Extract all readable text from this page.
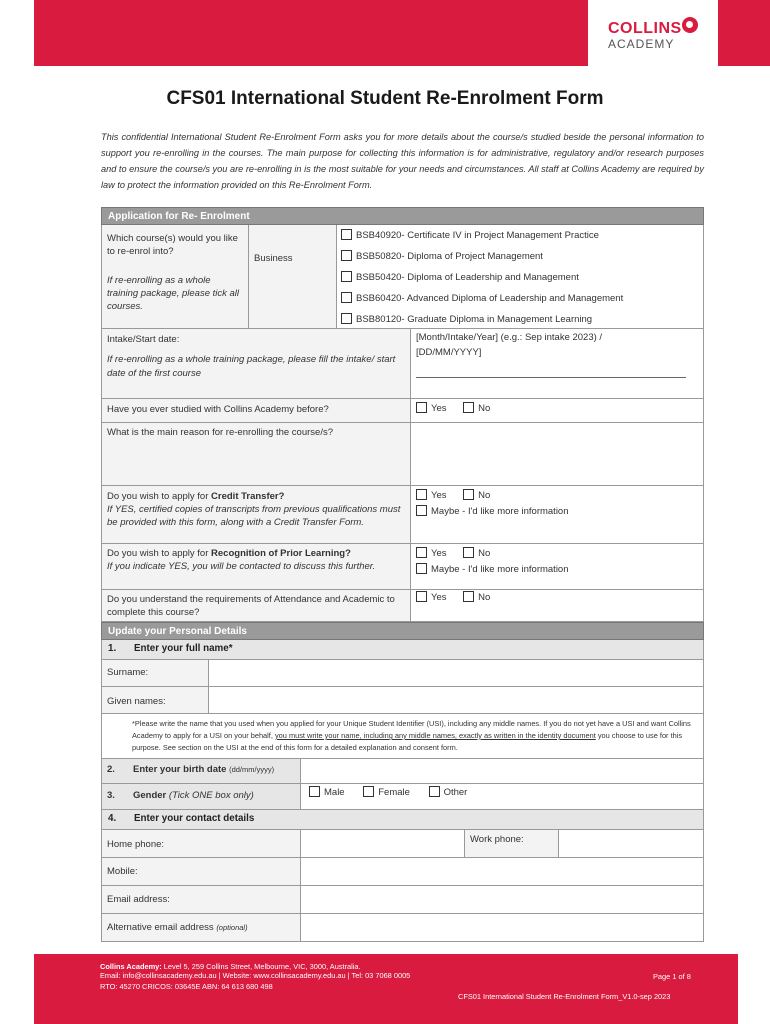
COLLINS
ACADEMY
CFS01 International Student Re-Enrolment Form

This confidential International Student Re-Enrolment Form asks you for more details about the course/s studied beside the personal information to support you re-enrolling in the courses. The main purpose for collecting this information is for administrative, regulatory and/or research purposes and to ensure the course/s you are re-enrolling in is the most suitable for your needs and circumstances. All staff at Collins Academy are required by law to protect the information provided on this Re-Enrolment Form.

Application for Re- Enrolment
Which course(s) would you like to re-enrol into?
If re-enrolling as a whole training package, please tick all courses.
Business
BSB40920- Certificate IV in Project Management Practice
BSB50820- Diploma of Project Management
BSB50420- Diploma of Leadership and Management
BSB60420- Advanced Diploma of Leadership and Management
BSB80120- Graduate Diploma in Management Learning
Intake/Start date:
If re-enrolling as a whole training package, please fill the intake/ start date of the first course
[Month/Intake/Year] (e.g.: Sep intake 2023) /
[DD/MM/YYYY]
Have you ever studied with Collins Academy before?	Yes	No
What is the main reason for re-enrolling the course/s?
Do you wish to apply for Credit Transfer?
If YES, certified copies of transcripts from previous qualifications must be provided with this form, along with a Credit Transfer Form.
Yes	No
Maybe - I'd like more information
Do you wish to apply for Recognition of Prior Learning?
If you indicate YES, you will be contacted to discuss this further.
Yes	No
Maybe - I'd like more information
Do you understand the requirements of Attendance and Academic to complete this course?
Yes	No
Update your Personal Details
1. Enter your full name*
Surname:
Given names:
*Please write the name that you used when you applied for your Unique Student Identifier (USI), including any middle names. If you do not yet have a USI and want Collins Academy to apply for a USI on your behalf, you must write your name, including any middle names, exactly as written in the identity document you choose to use for this purpose. See section on the USI at the end of this form for a detailed explanation and consent form.
2. Enter your birth date (dd/mm/yyyy)
3. Gender (Tick ONE box only)	Male	Female	Other
4. Enter your contact details
Home phone:	Work phone:
Mobile:
Email address:
Alternative email address (optional)
Collins Academy: Level 5, 259 Collins Street, Melbourne, VIC, 3000, Australia.
Email: info@collinsacademy.edu.au | Website: www.collinsacademy.edu.au | Tel: 03 7068 0005
RTO: 45270 CRICOS: 03645E ABN: 64 613 680 498
Page 1 of 8
CFS01 International Student Re-Enrolment Form_V1.0-sep 2023
